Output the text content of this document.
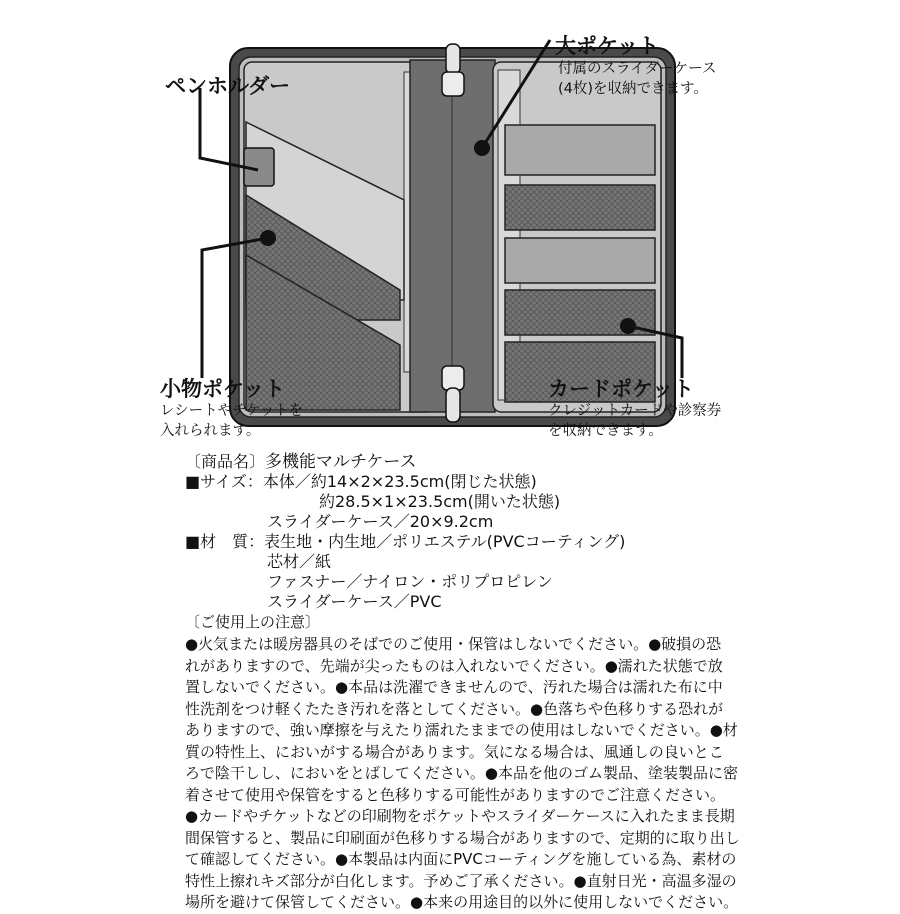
ペンホルダー
大ポケット
付属のスライダーケース
(4枚)を収納できます。
小物ポケット
レシートやチケットを
入れられます。
カードポケット
クレジットカードや診察券
を収納できます。
〔商品名〕多機能マルチケース
■サイズ：本体／約14×2×23.5cm(閉じた状態)
約28.5×1×23.5cm(開いた状態)
スライダーケース／20×9.2cm
■材　質：表生地・内生地／ポリエステル(PVCコーティング)
芯材／紙
ファスナー／ナイロン・ポリプロピレン
スライダーケース／PVC
〔ご使用上の注意〕
●火気または暖房器具のそばでのご使用・保管はしないでください。●破損の恐
れがありますので、先端が尖ったものは入れないでください。●濡れた状態で放
置しないでください。●本品は洗濯できませんので、汚れた場合は濡れた布に中
性洗剤をつけ軽くたたき汚れを落としてください。●色落ちや色移りする恐れが
ありますので、強い摩擦を与えたり濡れたままでの使用はしないでください。●材
質の特性上、においがする場合があります。気になる場合は、風通しの良いとこ
ろで陰干しし、においをとばしてください。●本品を他のゴム製品、塗装製品に密
着させて使用や保管をすると色移りする可能性がありますのでご注意ください。
●カードやチケットなどの印刷物をポケットやスライダーケースに入れたまま長期
間保管すると、製品に印刷面が色移りする場合がありますので、定期的に取り出し
て確認してください。●本製品は内面にPVCコーティングを施している為、素材の
特性上擦れキズ部分が白化します。予めご了承ください。●直射日光・高温多湿の
場所を避けて保管してください。●本来の用途目的以外に使用しないでください。
